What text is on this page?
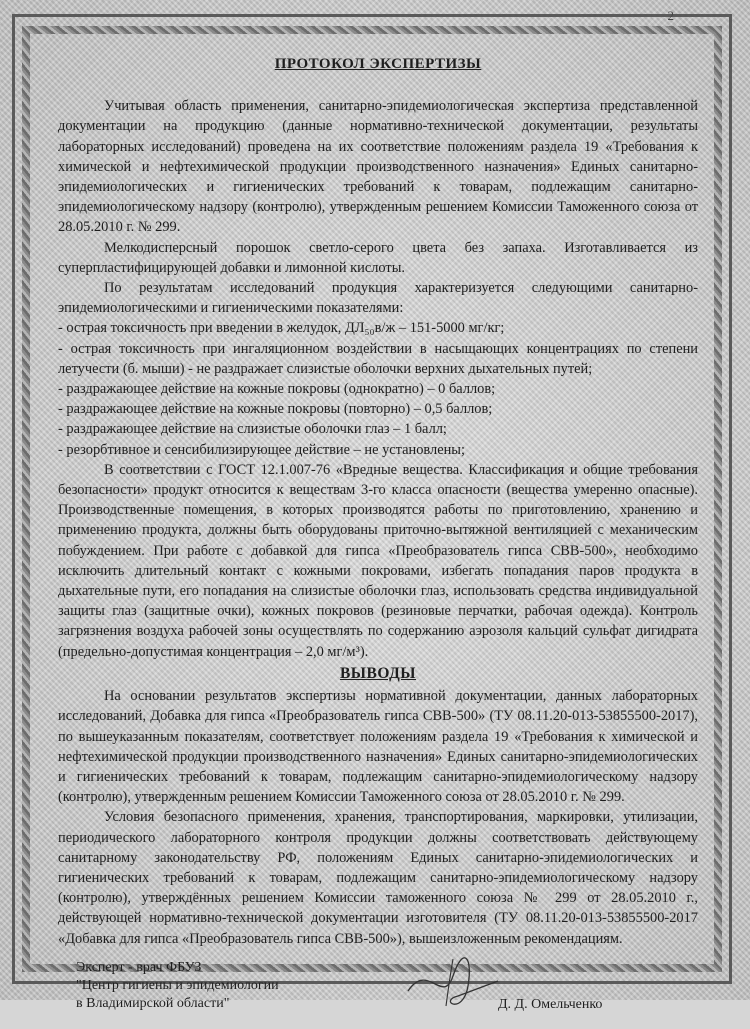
2
ПРОТОКОЛ ЭКСПЕРТИЗЫ

Учитывая область применения, санитарно-эпидемиологическая экспертиза представленной документации на продукцию (данные нормативно-технической документации, результаты лабораторных исследований) проведена на их соответствие положениям раздела 19 «Требования к химической и нефтехимической продукции производственного назначения» Единых санитарно-эпидемиологических и гигиенических требований к товарам, подлежащим санитарно-эпидемиологическому надзору (контролю), утвержденным решением Комиссии Таможенного союза от 28.05.2010 г. № 299.

Мелкодисперсный порошок светло-серого цвета без запаха. Изготавливается из суперпластифицирующей добавки и лимонной кислоты.

По результатам исследований продукция характеризуется следующими санитарно-эпидемиологическими и гигиеническими показателями:

- острая токсичность при введении в желудок, ДЛ₅₀в/ж – 151-5000 мг/кг;

- острая токсичность при ингаляционном воздействии в насыщающих концентрациях по степени летучести (б. мыши) - не раздражает слизистые оболочки верхних дыхательных путей;

- раздражающее действие на кожные покровы (однократно) – 0 баллов;

- раздражающее действие на кожные покровы (повторно) – 0,5 баллов;

- раздражающее действие на слизистые оболочки глаз – 1 балл;

- резорбтивное и сенсибилизирующее действие – не установлены;

В соответствии с ГОСТ 12.1.007-76 «Вредные вещества. Классификация и общие требования безопасности» продукт относится к веществам 3-го класса опасности (вещества умеренно опасные). Производственные помещения, в которых производятся работы по приготовлению, хранению и применению продукта, должны быть оборудованы приточно-вытяжной вентиляцией с механическим побуждением. При работе с добавкой для гипса «Преобразователь гипса СВВ-500», необходимо исключить длительный контакт с кожными покровами, избегать попадания паров продукта в дыхательные пути, его попадания на слизистые оболочки глаз, использовать средства индивидуальной защиты глаз (защитные очки), кожных покровов (резиновые перчатки, рабочая одежда). Контроль загрязнения воздуха рабочей зоны осуществлять по содержанию аэрозоля кальций сульфат дигидрата (предельно-допустимая концентрация – 2,0 мг/м³).

ВЫВОДЫ

На основании результатов экспертизы нормативной документации, данных лабораторных исследований, Добавка для гипса «Преобразователь гипса СВВ-500» (ТУ 08.11.20-013-53855500-2017), по вышеуказанным показателям, соответствует положениям раздела 19 «Требования к химической и нефтехимической продукции производственного назначения» Единых санитарно-эпидемиологических и гигиенических требований к товарам, подлежащим санитарно-эпидемиологическому надзору (контролю), утвержденным решением Комиссии Таможенного союза от 28.05.2010 г. № 299.

Условия безопасного применения, хранения, транспортирования, маркировки, утилизации, периодического лабораторного контроля продукции должны соответствовать действующему санитарному законодательству РФ, положениям Единых санитарно-эпидемиологических и гигиенических требований к товарам, подлежащим санитарно-эпидемиологическому надзору (контролю), утверждённых решением Комиссии таможенного союза № 299 от 28.05.2010 г., действующей нормативно-технической документации изготовителя (ТУ 08.11.20-013-53855500-2017 «Добавка для гипса «Преобразователь гипса СВВ-500»), вышеизложенным рекомендациям.

Эксперт - врач ФБУЗ
"Центр гигиены и эпидемиологии
в Владимирской области"	Д. Д. Омельченко
